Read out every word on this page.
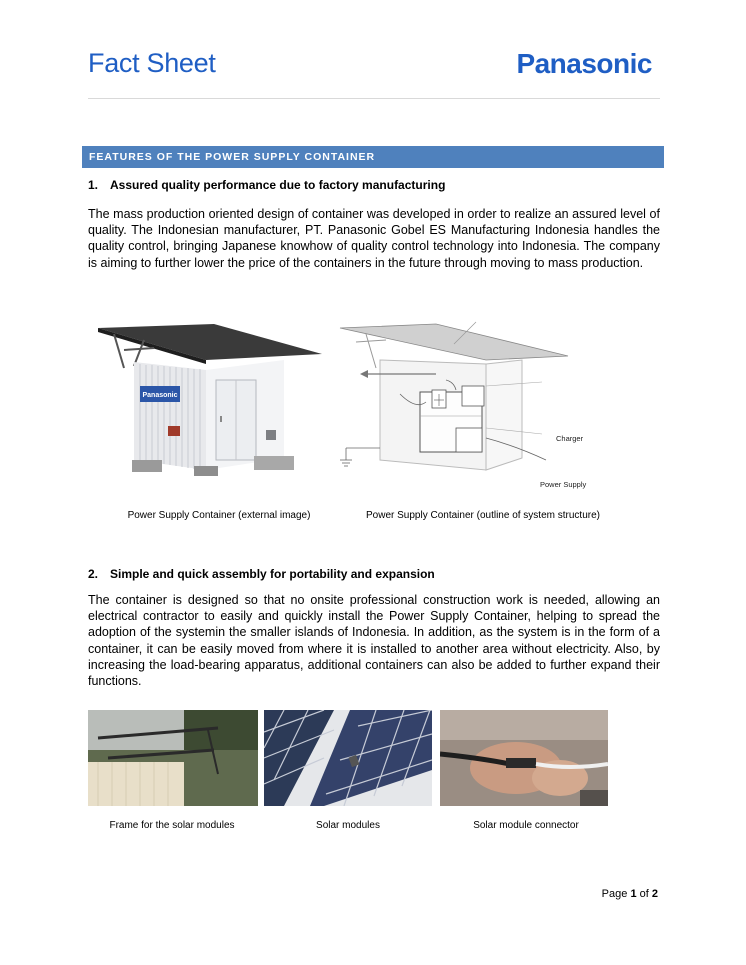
Fact Sheet	Panasonic
FEATURES OF THE POWER SUPPLY CONTAINER
1. Assured quality performance due to factory manufacturing
The mass production oriented design of container was developed in order to realize an assured level of quality. The Indonesian manufacturer, PT. Panasonic Gobel ES Manufacturing Indonesia handles the quality control, bringing Japanese knowhow of quality control technology into Indonesia. The company is aiming to further lower the price of the containers in the future through moving to mass production.
Panasonic
Charger
Power Supply
Power Supply Container (external image)	Power Supply Container (outline of system structure)
2. Simple and quick assembly for portability and expansion
The container is designed so that no onsite professional construction work is needed, allowing an electrical contractor to easily and quickly install the Power Supply Container, helping to spread the adoption of the systemin the smaller islands of Indonesia. In addition, as the system is in the form of a container, it can be easily moved from where it is installed to another area without electricity. Also, by increasing the load-bearing apparatus, additional containers can also be added to further expand their functions.
Frame for the solar modules	Solar modules	Solar module connector
Page 1 of 2
